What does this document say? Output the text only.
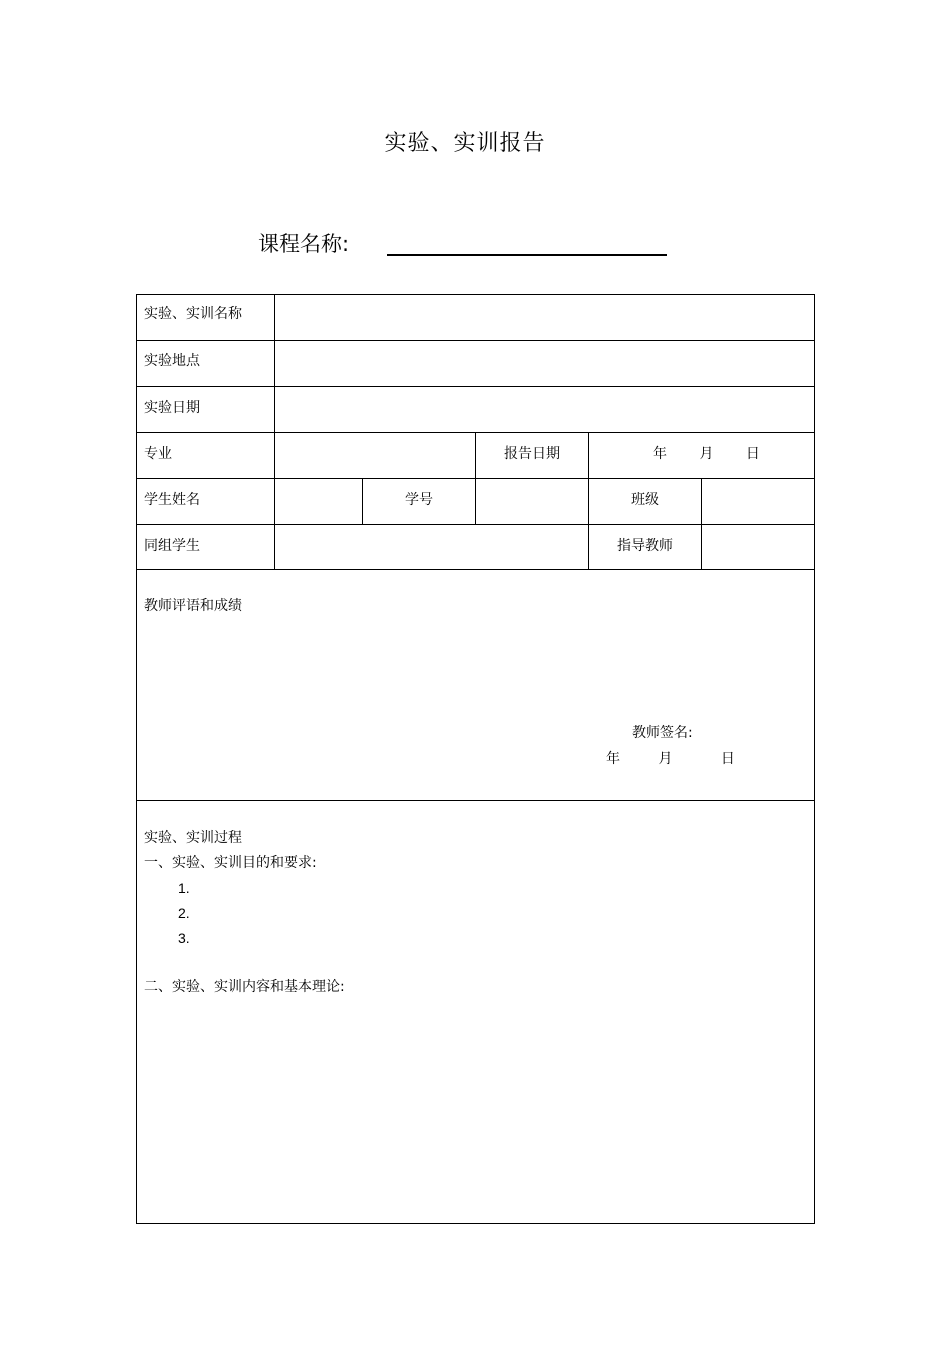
实验、实训报告
课程名称:
实验、实训名称
实验地点
实验日期
专业	报告日期	年 月 日
学生姓名	学号	班级
同组学生	指导教师
教师评语和成绩
教师签名:
年	月	日
实验、实训过程
一、实验、实训目的和要求:
1.
2.
3.
二、实验、实训内容和基本理论:
